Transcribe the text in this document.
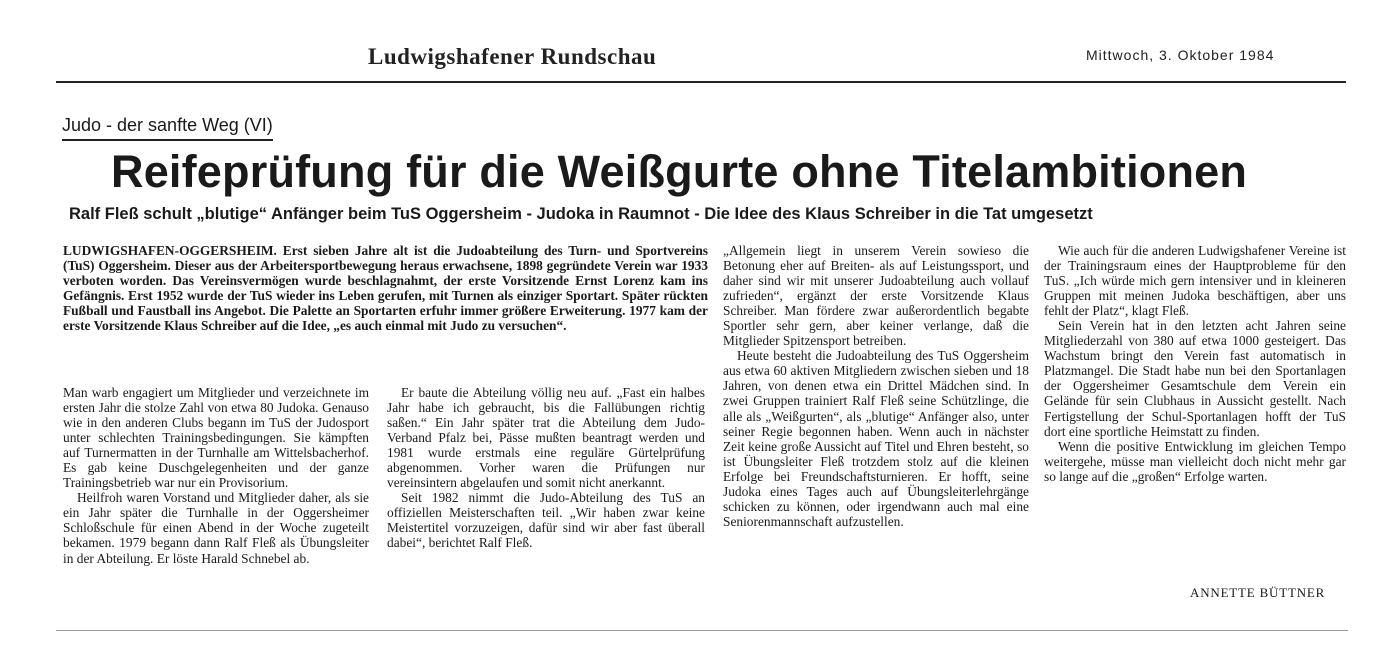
Ludwigshafener Rundschau	Mittwoch, 3. Oktober 1984
Judo - der sanfte Weg (VI)
Reifeprüfung für die Weißgurte ohne Titelambitionen
Ralf Fleß schult „blutige“ Anfänger beim TuS Oggersheim - Judoka in Raumnot - Die Idee des Klaus Schreiber in die Tat umgesetzt

LUDWIGSHAFEN-OGGERSHEIM. Erst sieben Jahre alt ist die Judoabteilung des Turn- und Sportvereins (TuS) Oggersheim. Dieser aus der Arbeitersportbewegung heraus erwachsene, 1898 gegründete Verein war 1933 verboten worden. Das Vereinsvermögen wurde beschlagnahmt, der erste Vorsitzende Ernst Lorenz kam ins Gefängnis. Erst 1952 wurde der TuS wieder ins Leben gerufen, mit Turnen als einziger Sportart. Später rückten Fußball und Faustball ins Angebot. Die Palette an Sportarten erfuhr immer größere Erweiterung. 1977 kam der erste Vorsitzende Klaus Schreiber auf die Idee, „es auch einmal mit Judo zu versuchen“.

Man warb engagiert um Mitglieder und verzeichnete im ersten Jahr die stolze Zahl von etwa 80 Judoka. Genauso wie in den anderen Clubs begann im TuS der Judosport unter schlechten Trainingsbedingungen. Sie kämpften auf Turnermatten in der Turnhalle am Wittelsbacherhof. Es gab keine Duschgelegenheiten und der ganze Trainingsbetrieb war nur ein Provisorium.

Heilfroh waren Vorstand und Mitglieder daher, als sie ein Jahr später die Turnhalle in der Oggersheimer Schloßschule für einen Abend in der Woche zugeteilt bekamen. 1979 begann dann Ralf Fleß als Übungsleiter in der Abteilung. Er löste Harald Schnebel ab.

Er baute die Abteilung völlig neu auf. „Fast ein halbes Jahr habe ich gebraucht, bis die Fallübungen richtig saßen.“ Ein Jahr später trat die Abteilung dem Judo-Verband Pfalz bei, Pässe mußten beantragt werden und 1981 wurde erstmals eine reguläre Gürtelprüfung abgenommen. Vorher waren die Prüfungen nur vereinsintern abgelaufen und somit nicht anerkannt.

Seit 1982 nimmt die Judo-Abteilung des TuS an offiziellen Meisterschaften teil. „Wir haben zwar keine Meistertitel vorzuzeigen, dafür sind wir aber fast überall dabei“, berichtet Ralf Fleß.

„Allgemein liegt in unserem Verein sowieso die Betonung eher auf Breiten- als auf Leistungssport, und daher sind wir mit unserer Judoabteilung auch vollauf zufrieden“, ergänzt der erste Vorsitzende Klaus Schreiber. Man fördere zwar außerordentlich begabte Sportler sehr gern, aber keiner verlange, daß die Mitglieder Spitzensport betreiben.

Heute besteht die Judoabteilung des TuS Oggersheim aus etwa 60 aktiven Mitgliedern zwischen sieben und 18 Jahren, von denen etwa ein Drittel Mädchen sind. In zwei Gruppen trainiert Ralf Fleß seine Schützlinge, die alle als „Weißgurten“, als „blutige“ Anfänger also, unter seiner Regie begonnen haben. Wenn auch in nächster Zeit keine große Aussicht auf Titel und Ehren besteht, so ist Übungsleiter Fleß trotzdem stolz auf die kleinen Erfolge bei Freundschaftsturnieren. Er hofft, seine Judoka eines Tages auch auf Übungsleiterlehrgänge schicken zu können, oder irgendwann auch mal eine Seniorenmannschaft aufzustellen.

Wie auch für die anderen Ludwigshafener Vereine ist der Trainingsraum eines der Hauptprobleme für den TuS. „Ich würde mich gern intensiver und in kleineren Gruppen mit meinen Judoka beschäftigen, aber uns fehlt der Platz“, klagt Fleß.

Sein Verein hat in den letzten acht Jahren seine Mitgliederzahl von 380 auf etwa 1000 gesteigert. Das Wachstum bringt den Verein fast automatisch in Platzmangel. Die Stadt habe nun bei den Sportanlagen der Oggersheimer Gesamtschule dem Verein ein Gelände für sein Clubhaus in Aussicht gestellt. Nach Fertigstellung der Schul-Sportanlagen hofft der TuS dort eine sportliche Heimstatt zu finden.

Wenn die positive Entwicklung im gleichen Tempo weitergehe, müsse man vielleicht doch nicht mehr gar so lange auf die „großen“ Erfolge warten.

ANNETTE BÜTTNER
